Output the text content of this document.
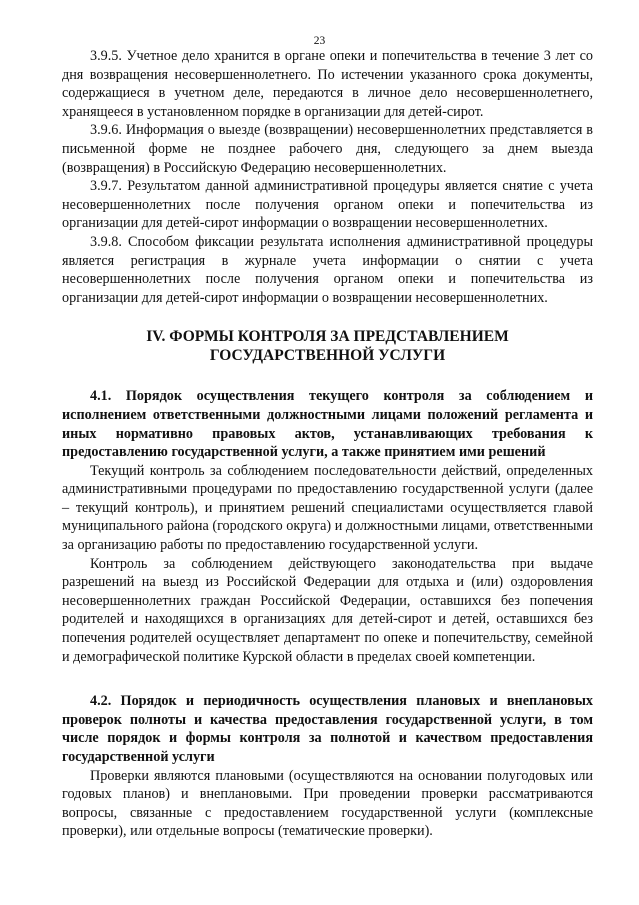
23

3.9.5. Учетное дело хранится в органе опеки и попечительства в течение 3 лет со дня возвращения несовершеннолетнего. По истечении указанного срока документы, содержащиеся в учетном деле, передаются в личное дело несовершеннолетнего, хранящееся в установленном порядке в организации для детей-сирот.

3.9.6. Информация о выезде (возвращении) несовершеннолетних представляется в письменной форме не позднее рабочего дня, следующего за днем выезда (возвращения) в Российскую Федерацию несовершеннолетних.

3.9.7. Результатом данной административной процедуры является снятие с учета несовершеннолетних после получения органом опеки и попечительства из организации для детей-сирот информации о возвращении несовершеннолетних.

3.9.8. Способом фиксации результата исполнения административной процедуры является регистрация в журнале учета информации о снятии с учета несовершеннолетних после получения органом опеки и попечительства из организации для детей-сирот информации о возвращении несовершеннолетних.

IV. ФОРМЫ КОНТРОЛЯ ЗА ПРЕДСТАВЛЕНИЕМ ГОСУДАРСТВЕННОЙ УСЛУГИ

4.1. Порядок осуществления текущего контроля за соблюдением и исполнением ответственными должностными лицами положений регламента и иных нормативно правовых актов, устанавливающих требования к предоставлению государственной услуги, а также принятием ими решений

Текущий контроль за соблюдением последовательности действий, определенных административными процедурами по предоставлению государственной услуги (далее – текущий контроль), и принятием решений специалистами осуществляется главой муниципального района (городского округа) и должностными лицами, ответственными за организацию работы по предоставлению государственной услуги.

Контроль за соблюдением действующего законодательства при выдаче разрешений на выезд из Российской Федерации для отдыха и (или) оздоровления несовершеннолетних граждан Российской Федерации, оставшихся без попечения родителей и находящихся в организациях для детей-сирот и детей, оставшихся без попечения родителей осуществляет департамент по опеке и попечительству, семейной и демографической политике Курской области в пределах своей компетенции.

4.2. Порядок и периодичность осуществления плановых и внеплановых проверок полноты и качества предоставления государственной услуги, в том числе порядок и формы контроля за полнотой и качеством предоставления государственной услуги

Проверки являются плановыми (осуществляются на основании полугодовых или годовых планов) и внеплановыми. При проведении проверки рассматриваются вопросы, связанные с предоставлением государственной услуги (комплексные проверки), или отдельные вопросы (тематические проверки).
